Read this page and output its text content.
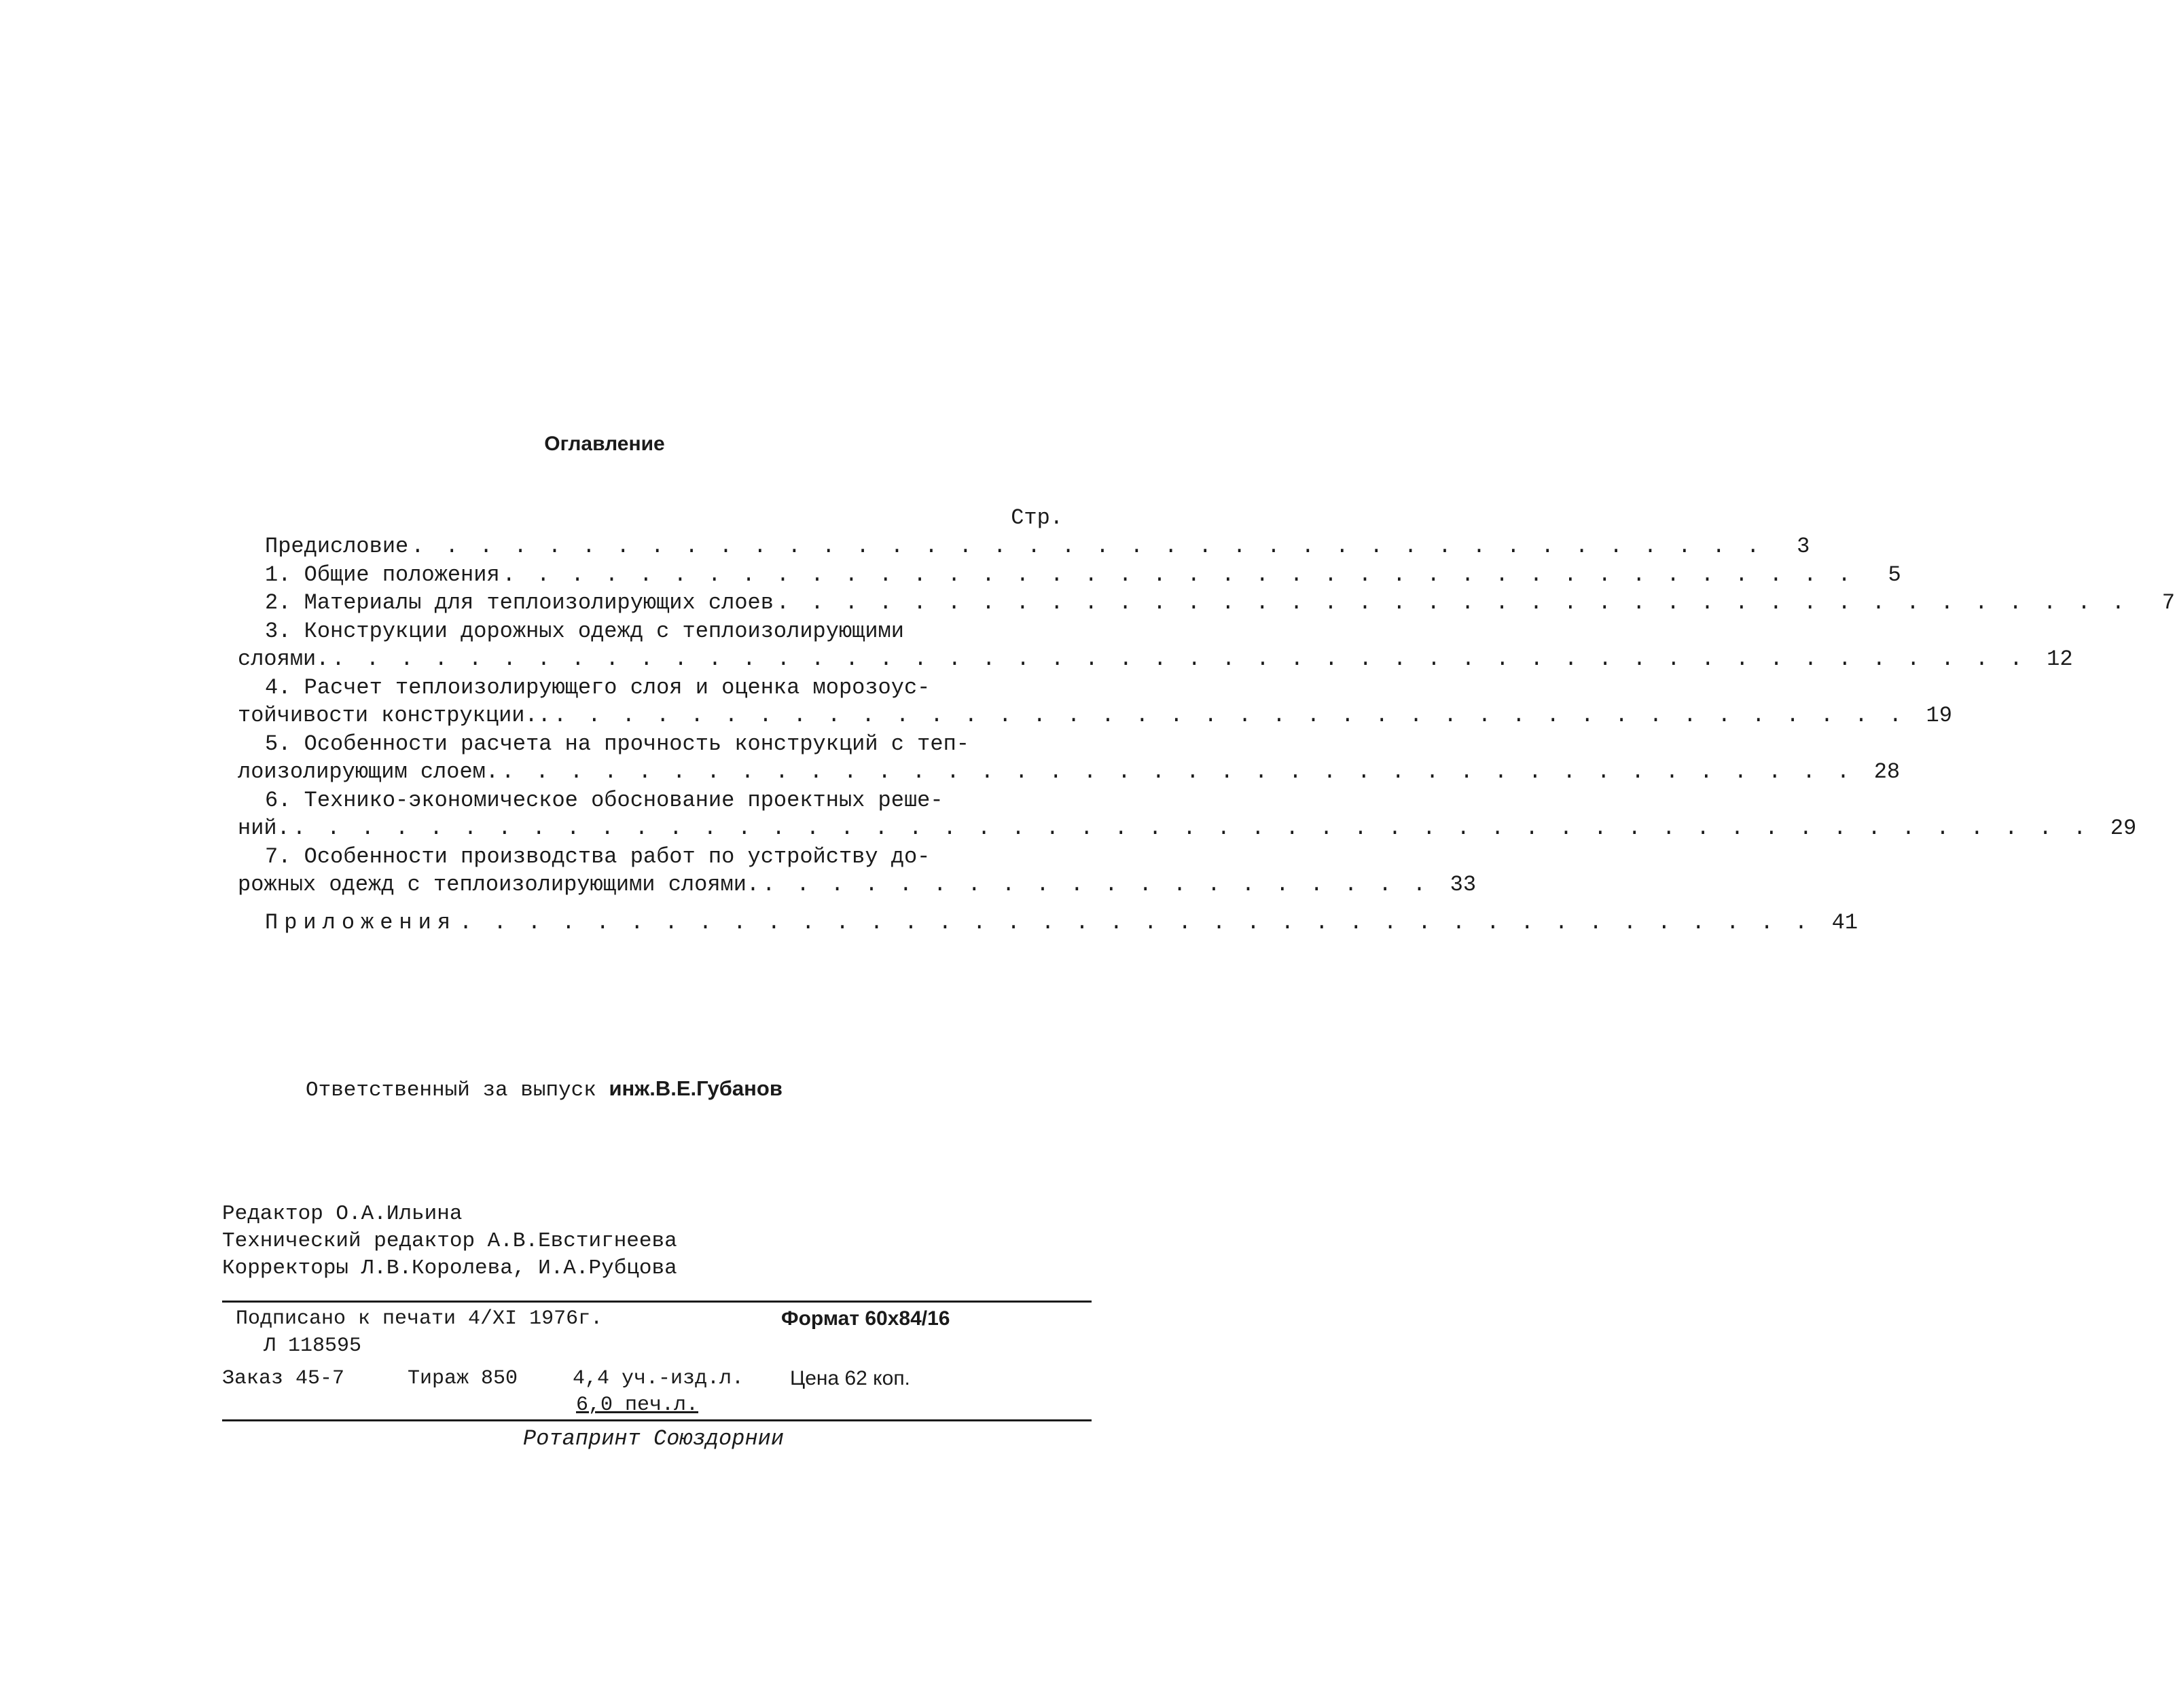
Оглавление
Стр.
Предисловие . . . . . . . . . . . . . . . . . . . . . . . . . . . . . . . . . . . . . . . .	3
1. Общие положения . . . . . . . . . . . . . . . . . . . . . . . . . . . . . . . . . . . . . . . .	5
2. Материалы для теплоизолирующих слоев . . . . . . . . . . . . . . . . . . . . . . . . . . . . . . . . . . . . . . . .	7
3. Конструкции дорожных одежд с теплоизолирующими
слоями. . . . . . . . . . . . . . . . . . . . . . . . . . . . . . . . . . . . . . . . . . . . . . . . . . . 12
4. Расчет теплоизолирующего слоя и оценка морозоус-
тойчивости конструкции.. . . . . . . . . . . . . . . . . . . . . . . . . . . . . . . . . . . . . . . . . 19
5. Особенности расчета на прочность конструкций с теп-
лоизолирующим слоем. . . . . . . . . . . . . . . . . . . . . . . . . . . . . . . . . . . . . . . . . 28
6. Технико-экономическое обоснование проектных реше-
ний. . . . . . . . . . . . . . . . . . . . . . . . . . . . . . . . . . . . . . . . . . . . . . . . . . . . . . 29
7. Особенности производства работ по устройству до-
рожных одежд с теплоизолирующими слоями. . . . . . . . . . . . . . . . . . . . . 33
Приложения . . . . . . . . . . . . . . . . . . . . . . . . . . . . . . . . . . . . . . . . 41
Ответственный за выпуск инж.В.Е.Губанов
Редактор О.А.Ильина
Технический редактор А.В.Евстигнеева
Корректоры Л.В.Королева, И.А.Рубцова
Подписано к печати 4/XI 1976г.	Формат 60х84/16
Л 118595
Заказ 45-7	Тираж 850	4,4 уч.-изд.л. Цена 62 коп.
6,0 печ.л.
Ротапринт Союздорнии
